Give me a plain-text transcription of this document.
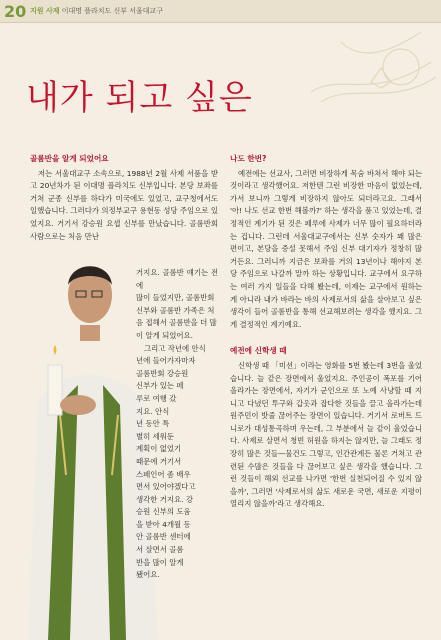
20 지원 사제 이대명 플라치도 신부 서울대교구
내가 되고 싶은
골롬반을 알게 되었어요
저는 서울대교구 소속으로, 1988년 2월 사제 서품을 받고 20년차가 된 이대명 플라치도 신부입니다. 본당 보좌를 거쳐 군종 신부를 하다가 미국에도 있었고, 교구청에서도 일했습니다. 그러다가 의정부교구 용현동 성당 주임으로 있었지요. 거기서 강승원 요셉 신부를 만났습니다. 골롬반회 사람으로는 처음 만난
거지요. 골롬반 얘기는 전에
많이 들었지만, 골롬반회
신부와 골롬반 가족은 처
음 접해서 골롬반을 더 많
이 알게 되었어요.
그리고 작년에 안식
년에 들어가자마자
골롬반회 강승원
신부가 있는 페
루로 여행 갔
지요. 안식
년 동안 특
별히 세워둔
계획이 없었기
때문에 거기서
스페인어 좀 배우
면서 있어야겠다고
생각한 거지요. 강
승원 신부의 도움
을 받아 4개월 동
안 골롬반 센터에
서 살면서 골롬
반을 많이 알게
됐어요.
나도 한번?
예전에는 선교사, 그러면 비장하게 목숨 바쳐서 해야 되는 것이라고 생각했어요. 저한텐 그런 비장한 마음이 없었는데, 가서 보니까 그렇게 비장하지 않아도 되더라고요. 그래서 '아! 나도 선교 한번 해볼까?' 하는 생각을 품고 있었는데, 결정적인 계기가 된 것은 페루에 사제가 너무 많이 필요하더라는 겁니다. 그런데 서울대교구에서는 신부 숫자가 꽤 많은 편이고, 본당을 증설 못해서 주임 신부 대기자가 정창히 많거든요. 그러니까 지금은 보좌를 거의 13년이나 해야지 본당 주임으로 나갈까 말까 하는 상황입니다. 교구에서 요구하는 여러 가지 일들을 다해 봤는데, 이제는 교구에서 원하는 게 아니라 내가 바라는 바의 사제로서의 삶을 살아보고 싶은 생각이 들어 골롬반을 통해 선교해보려는 생각을 했지요. 그게 결정적인 계기예요.
예전에 신학생 때
신학생 때 「미션」이라는 영화를 5번 봤는데 3번을 울었습니다. 늘 같은 장면에서 울었지요. 주인공이 폭포를 기어 올라가는 장면에서, 자기가 군인으로 또 노예 사냥할 때 지니고 다녔던 투구와 갑옷과 잡다한 것들을 끌고 올라가는데 원주민이 밧줄 끊어주는 장면이 있습니다. 거기서 로버트 드니로가 대성통곡하며 우는데, 그 부분에서 늘 같이 울었습니다. 사제로 살면서 청빈 허원을 하지는 않지만, 늘 그래도 정장히 많은 것들—물건도 그렇고, 인간관계든 물론 거쳐고 관련된 수많은 것들을 다 끊어보고 싶은 생각을 했습니다. 그런 것들이 해외 선교를 나가면 '한번 실천되어질 수 있지 않을까', 그러면 '사제로서의 삶도 새로운 국면, 새로운 지평이 열리지 않을까'라고 생각해요.
